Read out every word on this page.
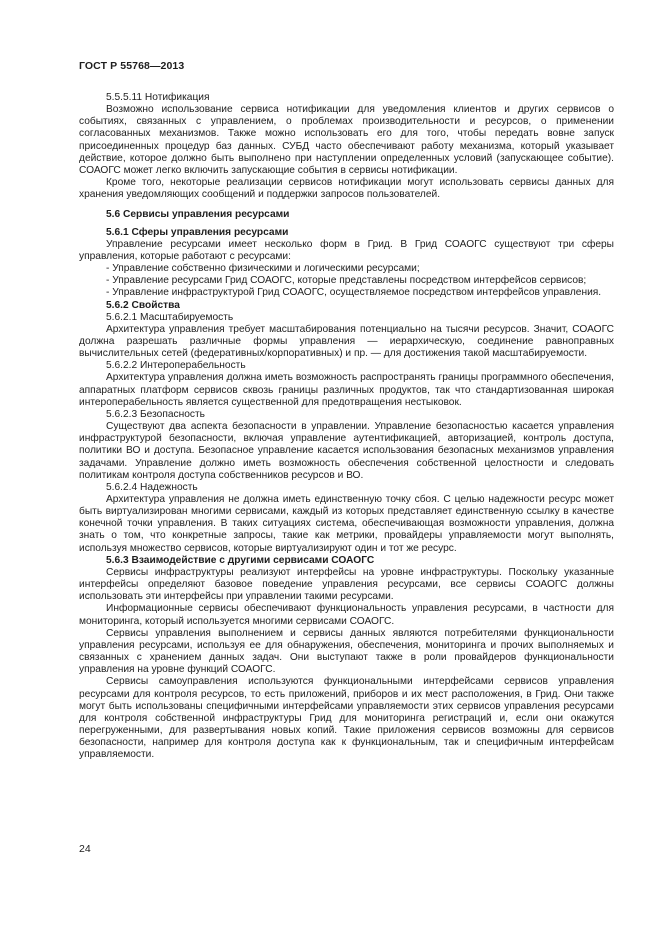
ГОСТ Р 55768—2013

5.5.5.11 Нотификация

Возможно использование сервиса нотификации для уведомления клиентов и других сервисов о событиях, связанных с управлением, о проблемах производительности и ресурсов, о применении согласованных механизмов. Также можно использовать его для того, чтобы передать вовне запуск присоединенных процедур баз данных. СУБД часто обеспечивают работу механизма, который указывает действие, которое должно быть выполнено при наступлении определенных условий (запускающее событие). СОАОГС может легко включить запускающие события в сервисы нотификации.

Кроме того, некоторые реализации сервисов нотификации могут использовать сервисы данных для хранения уведомляющих сообщений и поддержки запросов пользователей.

5.6 Сервисы управления ресурсами

5.6.1 Сферы управления ресурсами

Управление ресурсами имеет несколько форм в Грид. В Грид СОАОГС существуют три сферы управления, которые работают с ресурсами:

- Управление собственно физическими и логическими ресурсами;

- Управление ресурсами Грид СОАОГС, которые представлены посредством интерфейсов сервисов;

- Управление инфраструктурой Грид СОАОГС, осуществляемое посредством интерфейсов управления.

5.6.2 Свойства

5.6.2.1 Масштабируемость

Архитектура управления требует масштабирования потенциально на тысячи ресурсов. Значит, СОАОГС должна разрешать различные формы управления — иерархическую, соединение равноправных вычислительных сетей (федеративных/корпоративных) и пр. — для достижения такой масштабируемости.

5.6.2.2 Интероперабельность

Архитектура управления должна иметь возможность распространять границы программного обеспечения, аппаратных платформ сервисов сквозь границы различных продуктов, так что стандартизованная широкая интероперабельность является существенной для предотвращения нестыковок.

5.6.2.3 Безопасность

Существуют два аспекта безопасности в управлении. Управление безопасностью касается управления инфраструктурой безопасности, включая управление аутентификацией, авторизацией, контроль доступа, политики ВО и доступа. Безопасное управление касается использования безопасных механизмов управления задачами. Управление должно иметь возможность обеспечения собственной целостности и следовать политикам контроля доступа собственников ресурсов и ВО.

5.6.2.4 Надежность

Архитектура управления не должна иметь единственную точку сбоя. С целью надежности ресурс может быть виртуализирован многими сервисами, каждый из которых представляет единственную ссылку в качестве конечной точки управления. В таких ситуациях система, обеспечивающая возможности управления, должна знать о том, что конкретные запросы, такие как метрики, провайдеры управляемости могут выполнять, используя множество сервисов, которые виртуализируют один и тот же ресурс.

5.6.3 Взаимодействие с другими сервисами СОАОГС

Сервисы инфраструктуры реализуют интерфейсы на уровне инфраструктуры. Поскольку указанные интерфейсы определяют базовое поведение управления ресурсами, все сервисы СОАОГС должны использовать эти интерфейсы при управлении такими ресурсами.

Информационные сервисы обеспечивают функциональность управления ресурсами, в частности для мониторинга, который используется многими сервисами СОАОГС.

Сервисы управления выполнением и сервисы данных являются потребителями функциональности управления ресурсами, используя ее для обнаружения, обеспечения, мониторинга и прочих выполняемых и связанных с хранением данных задач. Они выступают также в роли провайдеров функциональности управления на уровне функций СОАОГС.

Сервисы самоуправления используются функциональными интерфейсами сервисов управления ресурсами для контроля ресурсов, то есть приложений, приборов и их мест расположения, в Грид. Они также могут быть использованы специфичными интерфейсами управляемости этих сервисов управления ресурсами для контроля собственной инфраструктуры Грид для мониторинга регистраций и, если они окажутся перегруженными, для развертывания новых копий. Такие приложения сервисов возможны для сервисов безопасности, например для контроля доступа как к функциональным, так и специфичным интерфейсам управляемости.

24
